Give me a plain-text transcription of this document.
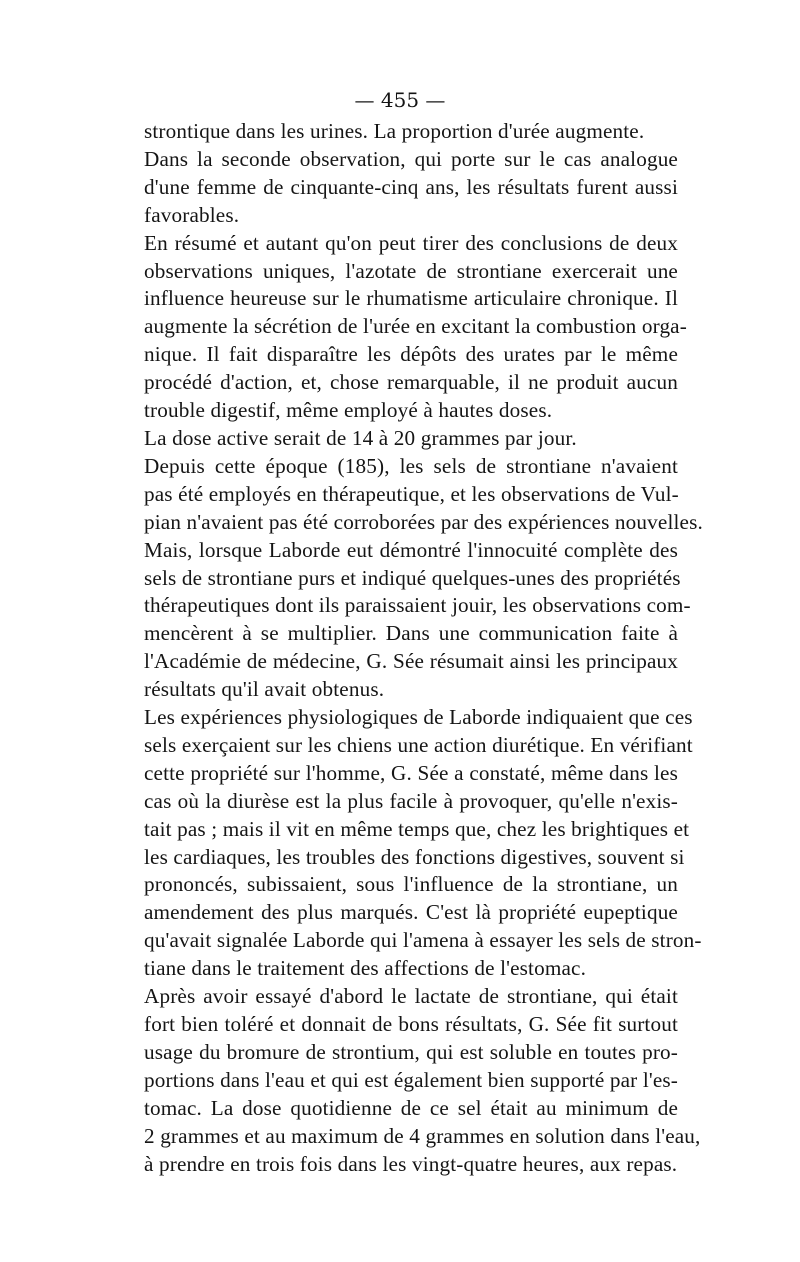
— 455 —

strontique dans les urines. La proportion d'urée augmente.

Dans la seconde observation, qui porte sur le cas analogue
d'une femme de cinquante-cinq ans, les résultats furent aussi
favorables.

En résumé et autant qu'on peut tirer des conclusions de deux
observations uniques, l'azotate de strontiane exercerait une
influence heureuse sur le rhumatisme articulaire chronique. Il
augmente la sécrétion de l'urée en excitant la combustion orga-
nique. Il fait disparaître les dépôts des urates par le même
procédé d'action, et, chose remarquable, il ne produit aucun
trouble digestif, même employé à hautes doses.

La dose active serait de 14 à 20 grammes par jour.

Depuis cette époque (185), les sels de strontiane n'avaient
pas été employés en thérapeutique, et les observations de Vul-
pian n'avaient pas été corroborées par des expériences nouvelles.

Mais, lorsque Laborde eut démontré l'innocuité complète des
sels de strontiane purs et indiqué quelques-unes des propriétés
thérapeutiques dont ils paraissaient jouir, les observations com-
mencèrent à se multiplier. Dans une communication faite à
l'Académie de médecine, G. Sée résumait ainsi les principaux
résultats qu'il avait obtenus.

Les expériences physiologiques de Laborde indiquaient que ces
sels exerçaient sur les chiens une action diurétique. En vérifiant
cette propriété sur l'homme, G. Sée a constaté, même dans les
cas où la diurèse est la plus facile à provoquer, qu'elle n'exis-
tait pas ; mais il vit en même temps que, chez les brightiques et
les cardiaques, les troubles des fonctions digestives, souvent si
prononcés, subissaient, sous l'influence de la strontiane, un
amendement des plus marqués. C'est là propriété eupeptique
qu'avait signalée Laborde qui l'amena à essayer les sels de stron-
tiane dans le traitement des affections de l'estomac.

Après avoir essayé d'abord le lactate de strontiane, qui était
fort bien toléré et donnait de bons résultats, G. Sée fit surtout
usage du bromure de strontium, qui est soluble en toutes pro-
portions dans l'eau et qui est également bien supporté par l'es-
tomac. La dose quotidienne de ce sel était au minimum de
2 grammes et au maximum de 4 grammes en solution dans l'eau,
à prendre en trois fois dans les vingt-quatre heures, aux repas.
